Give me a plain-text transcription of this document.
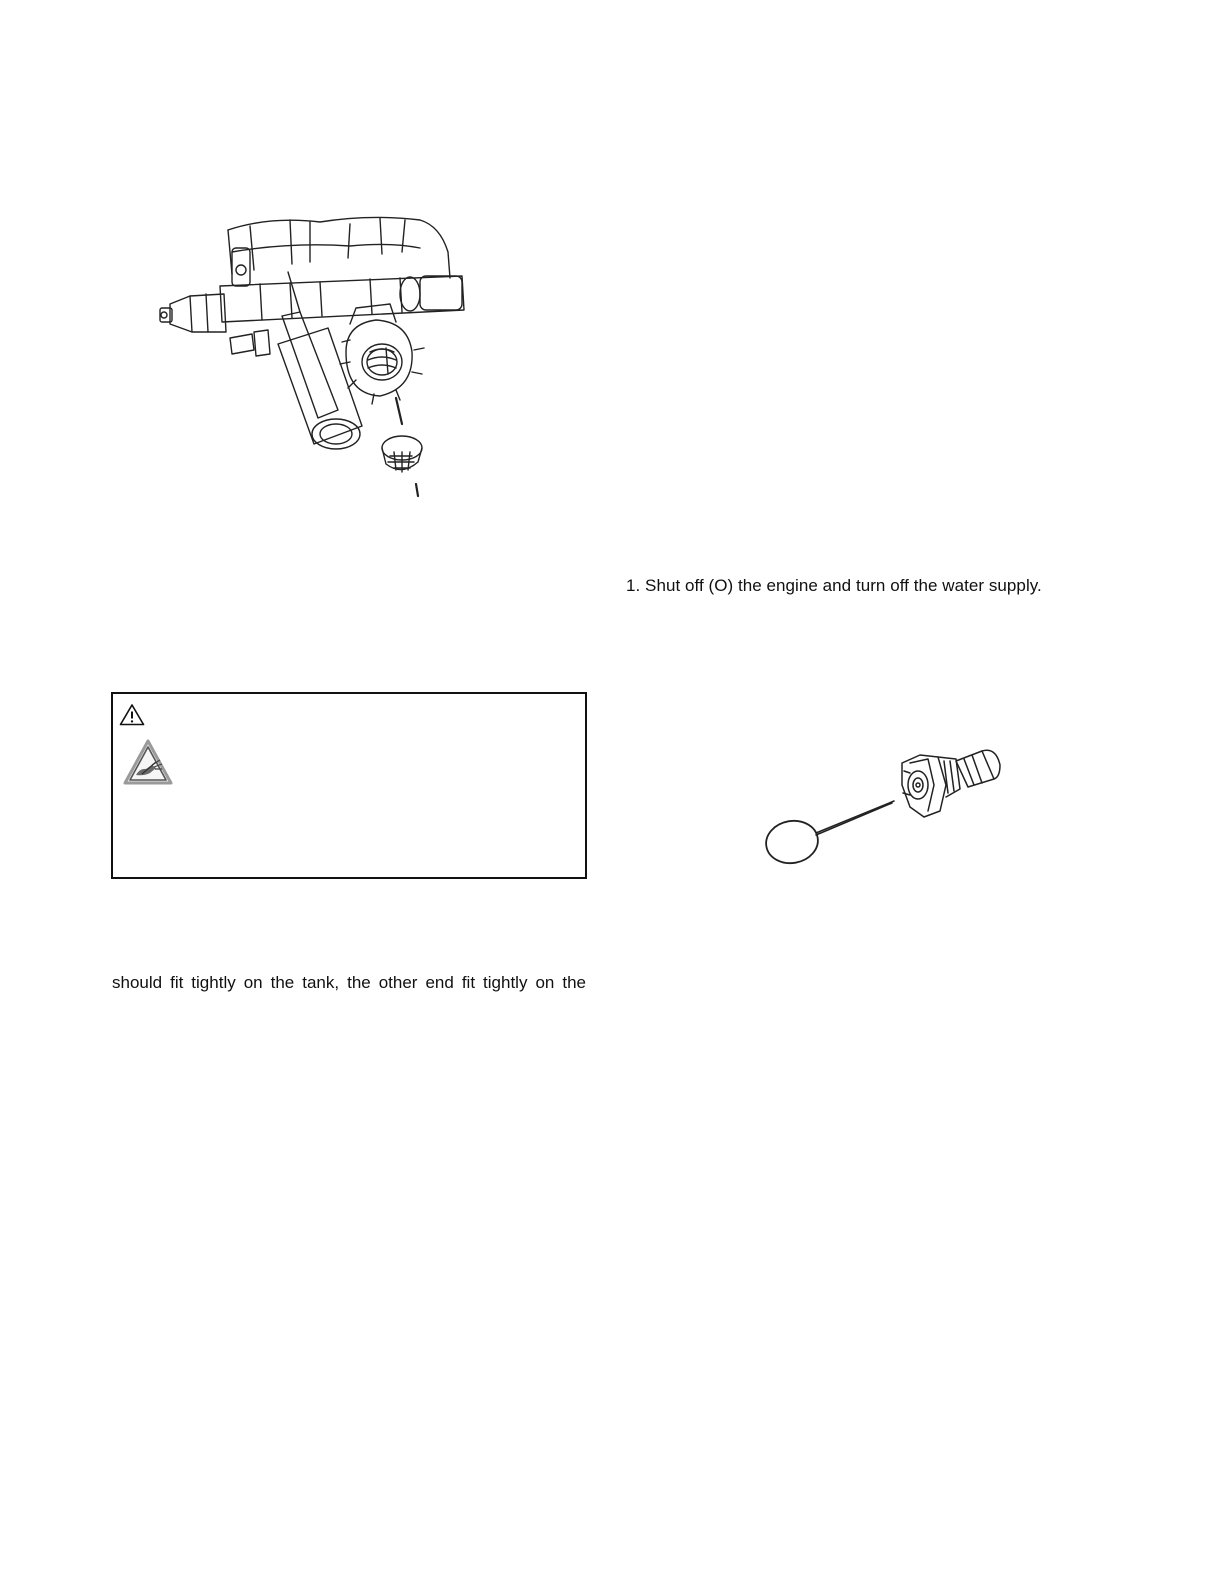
1. Shut off (O) the engine and turn off the water supply.
should fit tightly on the tank, the other end fit tightly on the
